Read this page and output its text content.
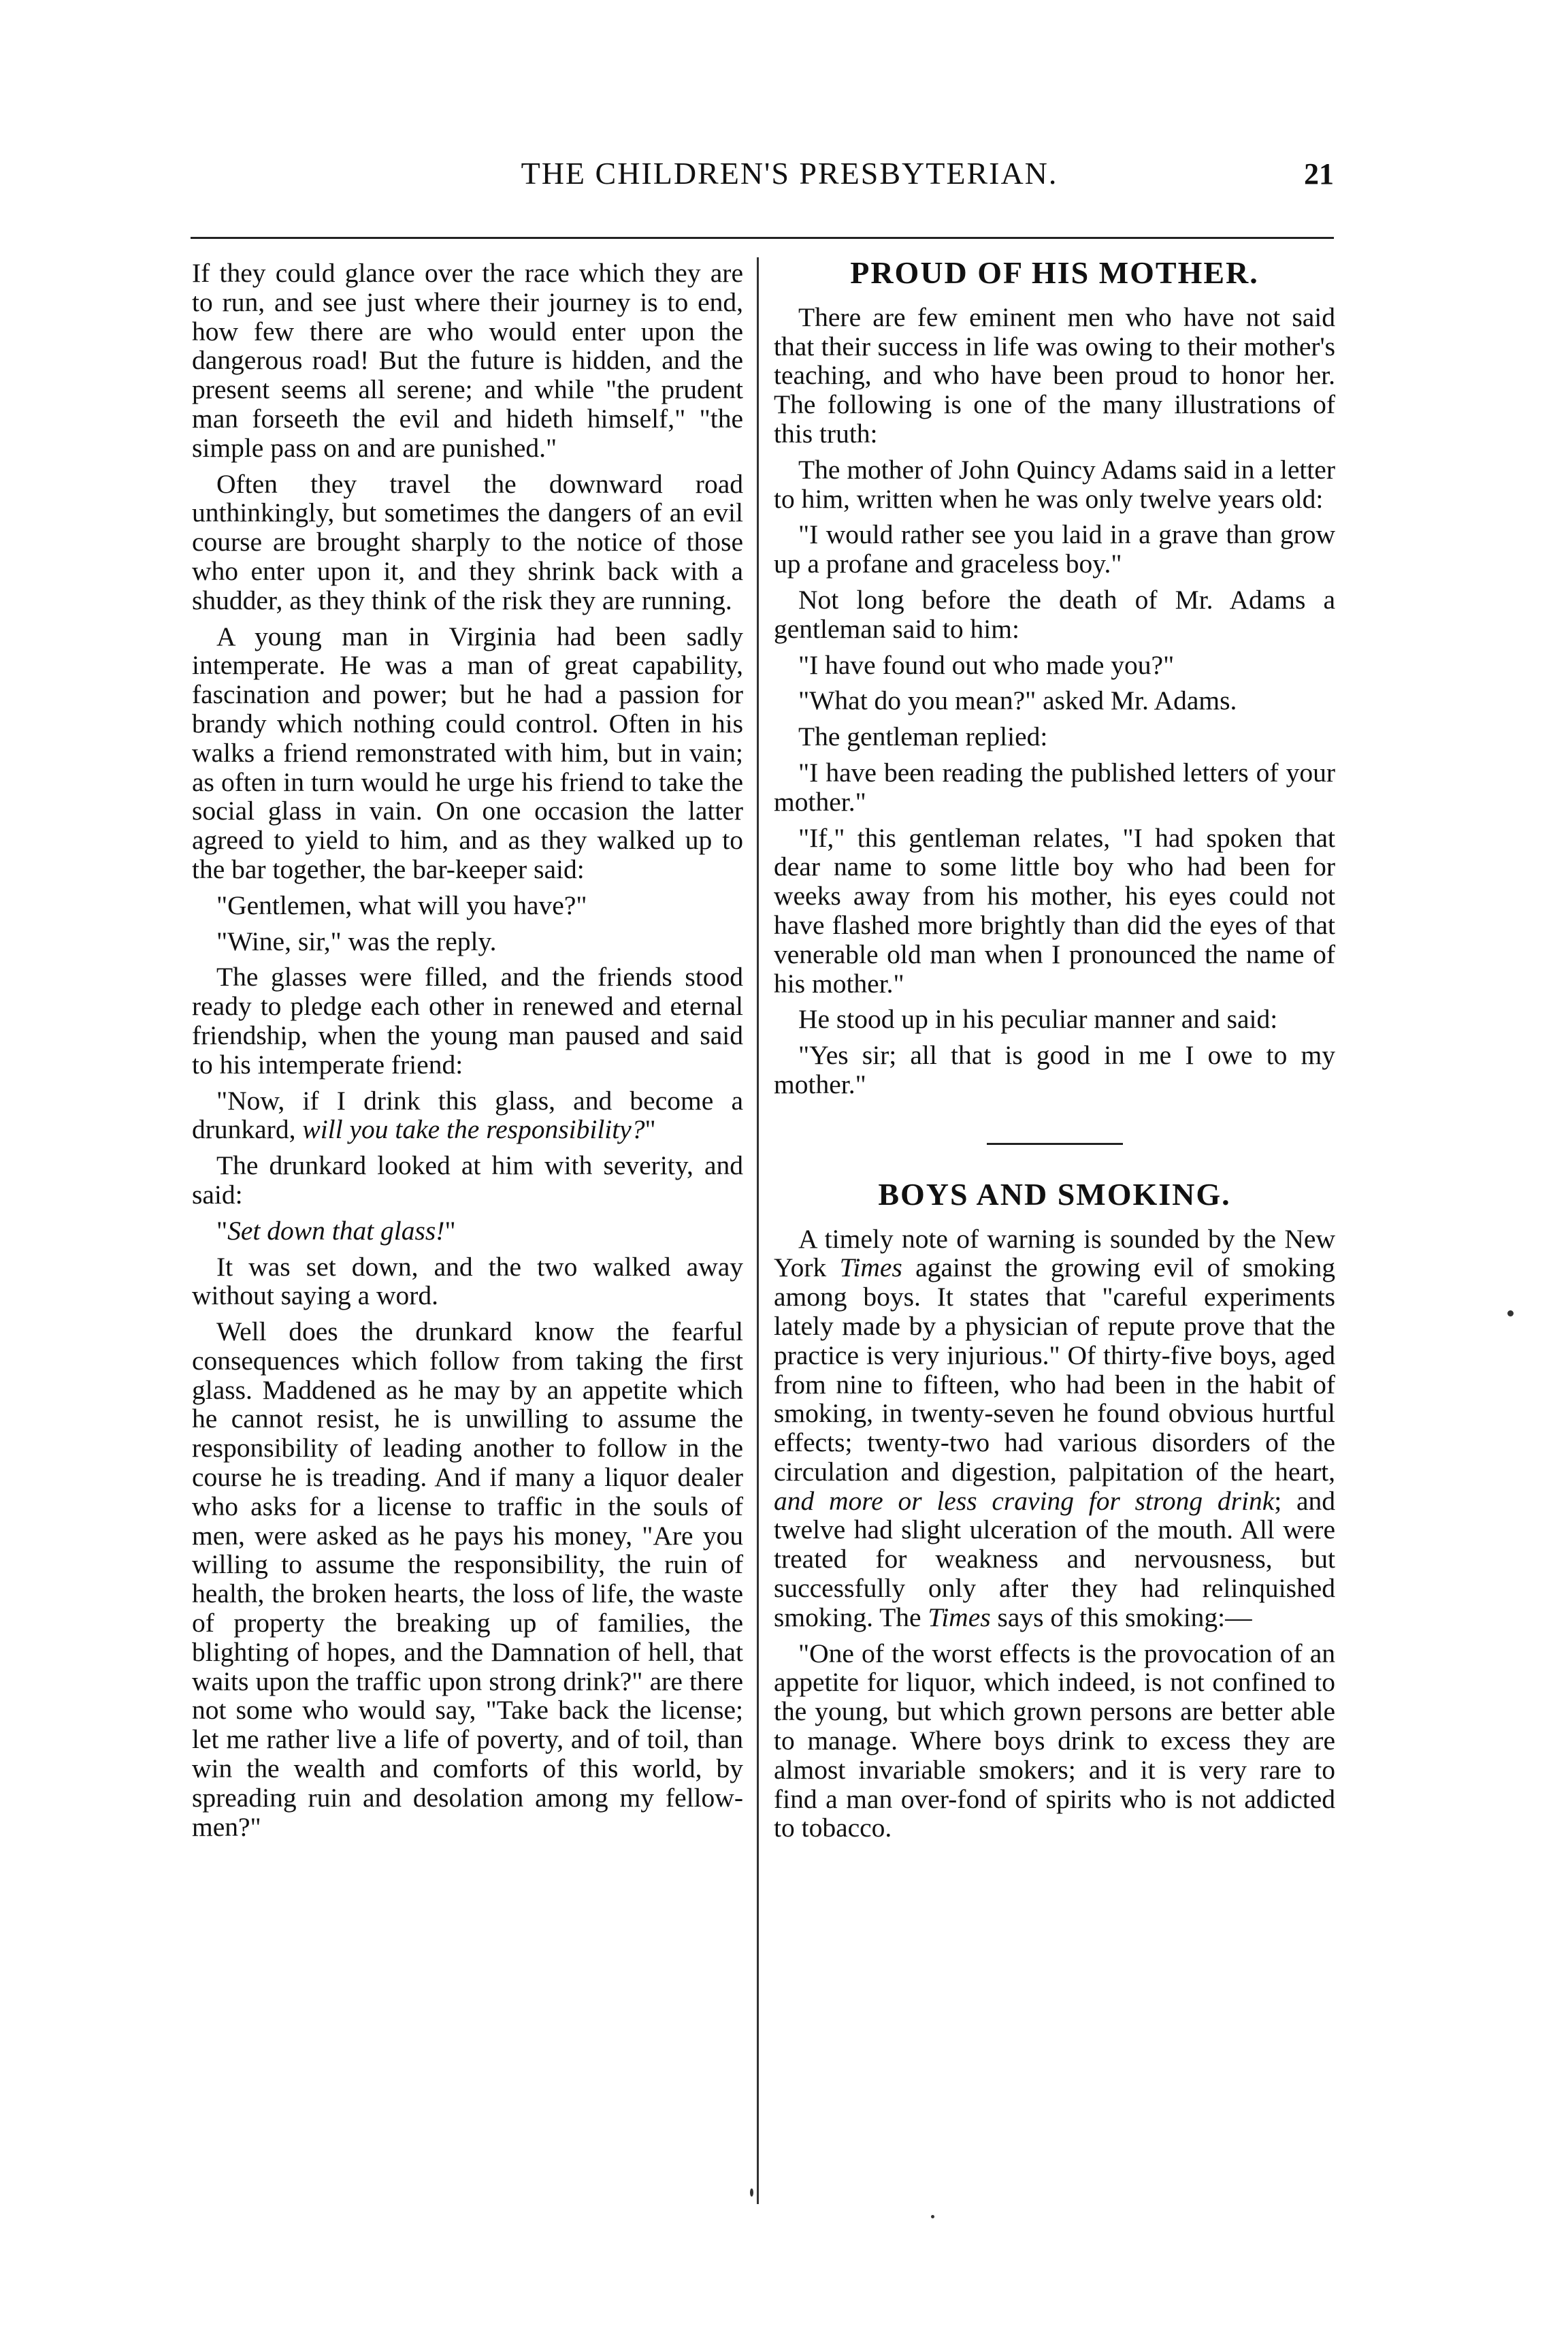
THE CHILDREN'S PRESBYTERIAN.	21

If they could glance over the race which they are to run, and see just where their journey is to end, how few there are who would enter upon the dangerous road! But the future is hidden, and the present seems all serene; and while "the prudent man forseeth the evil and hideth himself," "the simple pass on and are punished."

Often they travel the downward road unthinkingly, but sometimes the dangers of an evil course are brought sharply to the notice of those who enter upon it, and they shrink back with a shudder, as they think of the risk they are running.

A young man in Virginia had been sadly intemperate. He was a man of great capability, fascination and power; but he had a passion for brandy which nothing could control. Often in his walks a friend remonstrated with him, but in vain; as often in turn would he urge his friend to take the social glass in vain. On one occasion the latter agreed to yield to him, and as they walked up to the bar together, the bar-keeper said:

"Gentlemen, what will you have?"

"Wine, sir," was the reply.

The glasses were filled, and the friends stood ready to pledge each other in renewed and eternal friendship, when the young man paused and said to his intemperate friend:

"Now, if I drink this glass, and become a drunkard, will you take the responsibility?"

The drunkard looked at him with severity, and said:

"Set down that glass!"

It was set down, and the two walked away without saying a word.

Well does the drunkard know the fearful consequences which follow from taking the first glass. Maddened as he may by an appetite which he cannot resist, he is unwilling to assume the responsibility of leading another to follow in the course he is treading. And if many a liquor dealer who asks for a license to traffic in the souls of men, were asked as he pays his money, "Are you willing to assume the responsibility, the ruin of health, the broken hearts, the loss of life, the waste of property the breaking up of families, the blighting of hopes, and the Damnation of hell, that waits upon the traffic upon strong drink?" are there not some who would say, "Take back the license; let me rather live a life of poverty, and of toil, than win the wealth and comforts of this world, by spreading ruin and desolation among my fellow-men?"

PROUD OF HIS MOTHER.

There are few eminent men who have not said that their success in life was owing to their mother's teaching, and who have been proud to honor her. The following is one of the many illustrations of this truth:

The mother of John Quincy Adams said in a letter to him, written when he was only twelve years old:

"I would rather see you laid in a grave than grow up a profane and graceless boy."

Not long before the death of Mr. Adams a gentleman said to him:

"I have found out who made you?"

"What do you mean?" asked Mr. Adams.

The gentleman replied:

"I have been reading the published letters of your mother."

"If," this gentleman relates, "I had spoken that dear name to some little boy who had been for weeks away from his mother, his eyes could not have flashed more brightly than did the eyes of that venerable old man when I pronounced the name of his mother."

He stood up in his peculiar manner and said:

"Yes sir; all that is good in me I owe to my mother."

BOYS AND SMOKING.

A timely note of warning is sounded by the New York Times against the growing evil of smoking among boys. It states that "careful experiments lately made by a physician of repute prove that the practice is very injurious." Of thirty-five boys, aged from nine to fifteen, who had been in the habit of smoking, in twenty-seven he found obvious hurtful effects; twenty-two had various disorders of the circulation and digestion, palpitation of the heart, and more or less craving for strong drink; and twelve had slight ulceration of the mouth. All were treated for weakness and nervousness, but successfully only after they had relinquished smoking. The Times says of this smoking:—

"One of the worst effects is the provocation of an appetite for liquor, which indeed, is not confined to the young, but which grown persons are better able to manage. Where boys drink to excess they are almost invariable smokers; and it is very rare to find a man over-fond of spirits who is not addicted to tobacco.
